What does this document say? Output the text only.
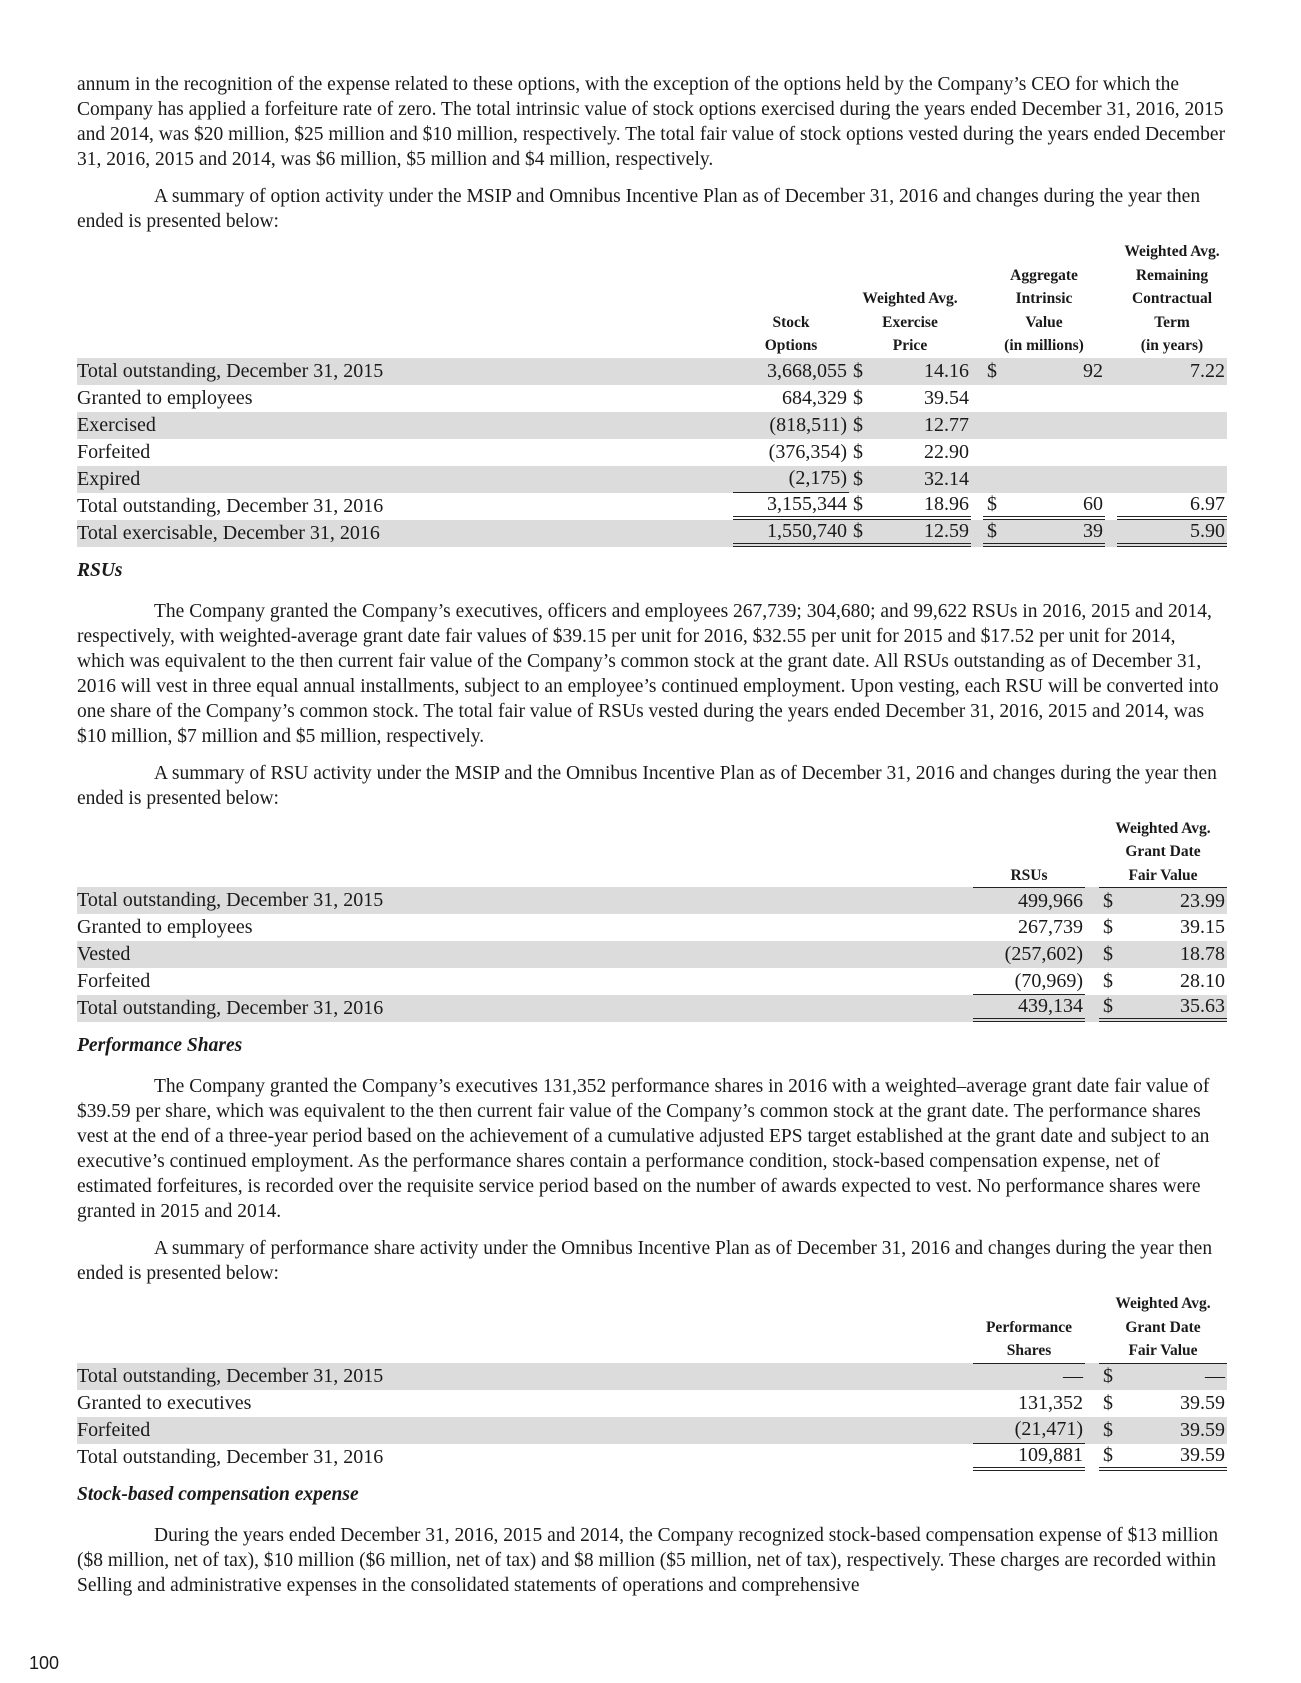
annum in the recognition of the expense related to these options, with the exception of the options held by the Company’s CEO for which the Company has applied a forfeiture rate of zero. The total intrinsic value of stock options exercised during the years ended December 31, 2016, 2015 and 2014, was $20 million, $25 million and $10 million, respectively. The total fair value of stock options vested during the years ended December 31, 2016, 2015 and 2014, was $6 million, $5 million and $4 million, respectively.

A summary of option activity under the MSIP and Omnibus Incentive Plan as of December 31, 2016 and changes during the year then ended is presented below:

Stock
Options
Weighted Avg.
Exercise
Price
Aggregate
Intrinsic
Value
(in millions)
Weighted Avg.
Remaining
Contractual
Term
(in years)
Total outstanding, December 31, 2015	3,668,055 $	14.16 $	92	7.22
Granted to employees	684,329 $	39.54
Exercised	(818,511) $	12.77
Forfeited	(376,354) $	22.90
Expired	(2,175) $	32.14
Total outstanding, December 31, 2016	3,155,344 $	18.96 $	60	6.97
Total exercisable, December 31, 2016	1,550,740 $	12.59 $	39	5.90
RSUs

The Company granted the Company’s executives, officers and employees 267,739; 304,680; and 99,622 RSUs in 2016, 2015 and 2014, respectively, with weighted-average grant date fair values of $39.15 per unit for 2016, $32.55 per unit for 2015 and $17.52 per unit for 2014, which was equivalent to the then current fair value of the Company’s common stock at the grant date. All RSUs outstanding as of December 31, 2016 will vest in three equal annual installments, subject to an employee’s continued employment. Upon vesting, each RSU will be converted into one share of the Company’s common stock. The total fair value of RSUs vested during the years ended December 31, 2016, 2015 and 2014, was $10 million, $7 million and $5 million, respectively.

A summary of RSU activity under the MSIP and the Omnibus Incentive Plan as of December 31, 2016 and changes during the year then ended is presented below:

RSUs
Weighted Avg.
Grant Date
Fair Value
Total outstanding, December 31, 2015	499,966 $	23.99
Granted to employees	267,739 $	39.15
Vested	(257,602) $	18.78
Forfeited	(70,969) $	28.10
Total outstanding, December 31, 2016	439,134 $	35.63
Performance Shares

The Company granted the Company’s executives 131,352 performance shares in 2016 with a weighted–average grant date fair value of $39.59 per share, which was equivalent to the then current fair value of the Company’s common stock at the grant date. The performance shares vest at the end of a three-year period based on the achievement of a cumulative adjusted EPS target established at the grant date and subject to an executive’s continued employment. As the performance shares contain a performance condition, stock-based compensation expense, net of estimated forfeitures, is recorded over the requisite service period based on the number of awards expected to vest. No performance shares were granted in 2015 and 2014.

A summary of performance share activity under the Omnibus Incentive Plan as of December 31, 2016 and changes during the year then ended is presented below:

Performance
Shares
Weighted Avg.
Grant Date
Fair Value
Total outstanding, December 31, 2015	— $	—
Granted to executives	131,352 $	39.59
Forfeited	(21,471) $	39.59
Total outstanding, December 31, 2016	109,881 $	39.59
Stock-based compensation expense

During the years ended December 31, 2016, 2015 and 2014, the Company recognized stock-based compensation expense of $13 million ($8 million, net of tax), $10 million ($6 million, net of tax) and $8 million ($5 million, net of tax), respectively. These charges are recorded within Selling and administrative expenses in the consolidated statements of operations and comprehensive

100
